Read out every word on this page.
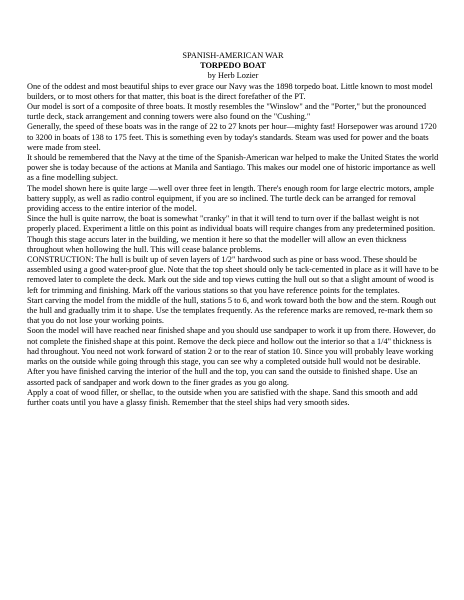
SPANISH-AMERICAN WAR
TORPEDO BOAT
by Herb Lozier

One of the oddest and most beautiful ships to ever grace our Navy was the 1898 torpedo boat. Little known to most model builders, or to most others for that matter, this boat is the direct forefather of the PT.

Our model is sort of a composite of three boats. It mostly resembles the "Winslow" and the "Porter," but the pronounced turtle deck, stack arrangement and conning towers were also found on the "Cushing."

Generally, the speed of these boats was in the range of 22 to 27 knots per hour—mighty fast! Horsepower was around 1720 to 3200 in boats of 138 to 175 feet. This is something even by today's standards. Steam was used for power and the boats were made from steel.

It should be remembered that the Navy at the time of the Spanish-American war helped to make the United States the world power she is today because of the actions at Manila and Santiago. This makes our model one of historic importance as well as a fine modelling subject.

The model shown here is quite large —well over three feet in length. There's enough room for large electric motors, ample battery supply, as well as radio control equipment, if you are so inclined. The turtle deck can be arranged for removal providing access to the entire interior of the model.

Since the hull is quite narrow, the boat is somewhat "cranky" in that it will tend to turn over if the ballast weight is not properly placed. Experiment a little on this point as individual boats will require changes from any predetermined position. Though this stage accurs later in the building, we mention it here so that the modeller will allow an even thickness throughout when hollowing the hull. This will cease balance problems.

CONSTRUCTION: The hull is built up of seven layers of 1/2" hardwood such as pine or bass wood. These should be assembled using a good water-proof glue. Note that the top sheet should only be tack-cemented in place as it will have to be removed later to complete the deck. Mark out the side and top views cutting the hull out so that a slight amount of wood is left for trimming and finishing. Mark off the various stations so that you have reference points for the templates.

Start carving the model from the middle of the hull, stations 5 to 6, and work toward both the bow and the stern. Rough out the hull and gradually trim it to shape. Use the templates frequently. As the reference marks are removed, re-mark them so that you do not lose your working points.

Soon the model will have reached near finished shape and you should use sandpaper to work it up from there. However, do not complete the finished shape at this point. Remove the deck piece and hollow out the interior so that a 1/4" thickness is had throughout. You need not work forward of station 2 or to the rear of station 10. Since you will probably leave working marks on the outside while going through this stage, you can see why a completed outside hull would not be desirable.

After you have finished carving the interior of the hull and the top, you can sand the outside to finished shape. Use an assorted pack of sandpaper and work down to the finer grades as you go along.

Apply a coat of wood filler, or shellac, to the outside when you are satisfied with the shape. Sand this smooth and add further coats until you have a glassy finish. Remember that the steel ships had very smooth sides.
